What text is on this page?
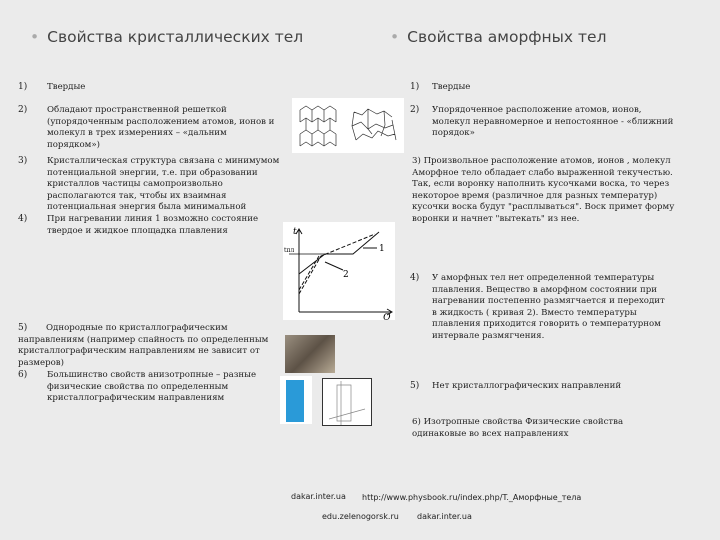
• Свойства кристаллических тел	• Свойства аморфных тел
1) Твердые
2) Обладают пространственной решеткой (упорядоченным расположением атомов, ионов и молекул в трех измерениях – «дальним порядком»)
3) Кристаллическая структура связана с минимумом потенциальной энергии, т.е. при образовании кристаллов частицы самопроизвольно располагаются так, чтобы их взаимная потенциальная энергия была минимальной
4) При нагревании линия 1 возможно состояние твердое и жидкое площадка плавления
5)	Однородные по кристаллографическим направлениям (например спайность по определенным кристаллографическим направлениям не зависит от размеров)
6) Большинство свойств анизотропные – разные физические свойства по определенным кристаллографическим направлениям
t
Q
tпл	1
2
1) Твердые
2) Упорядоченное расположение атомов, ионов, молекул неравномерное и непостоянное - «ближний порядок»
3) Произвольное расположение атомов, ионов , молекул Аморфное тело обладает слабо выраженной текучестью. Так, если воронку наполнить кусочками воска, то через некоторое время (различное для разных температур) кусочки воска будут "расплываться". Воск примет форму воронки и начнет "вытекать" из нее.
4) У аморфных тел нет определенной температуры плавления. Вещество в аморфном состоянии при нагревании постепенно размягчается и переходит в жидкость ( кривая 2). Вместо температуры плавления приходится говорить о температурном интервале размягчения.
5) Нет кристаллографических направлений
6) Изотропные свойства Физические свойства одинаковые во всех направлениях
dakar.inter.ua http://www.physbook.ru/index.php/T._Аморфные_тела
edu.zelenogorsk.ru dakar.inter.ua
